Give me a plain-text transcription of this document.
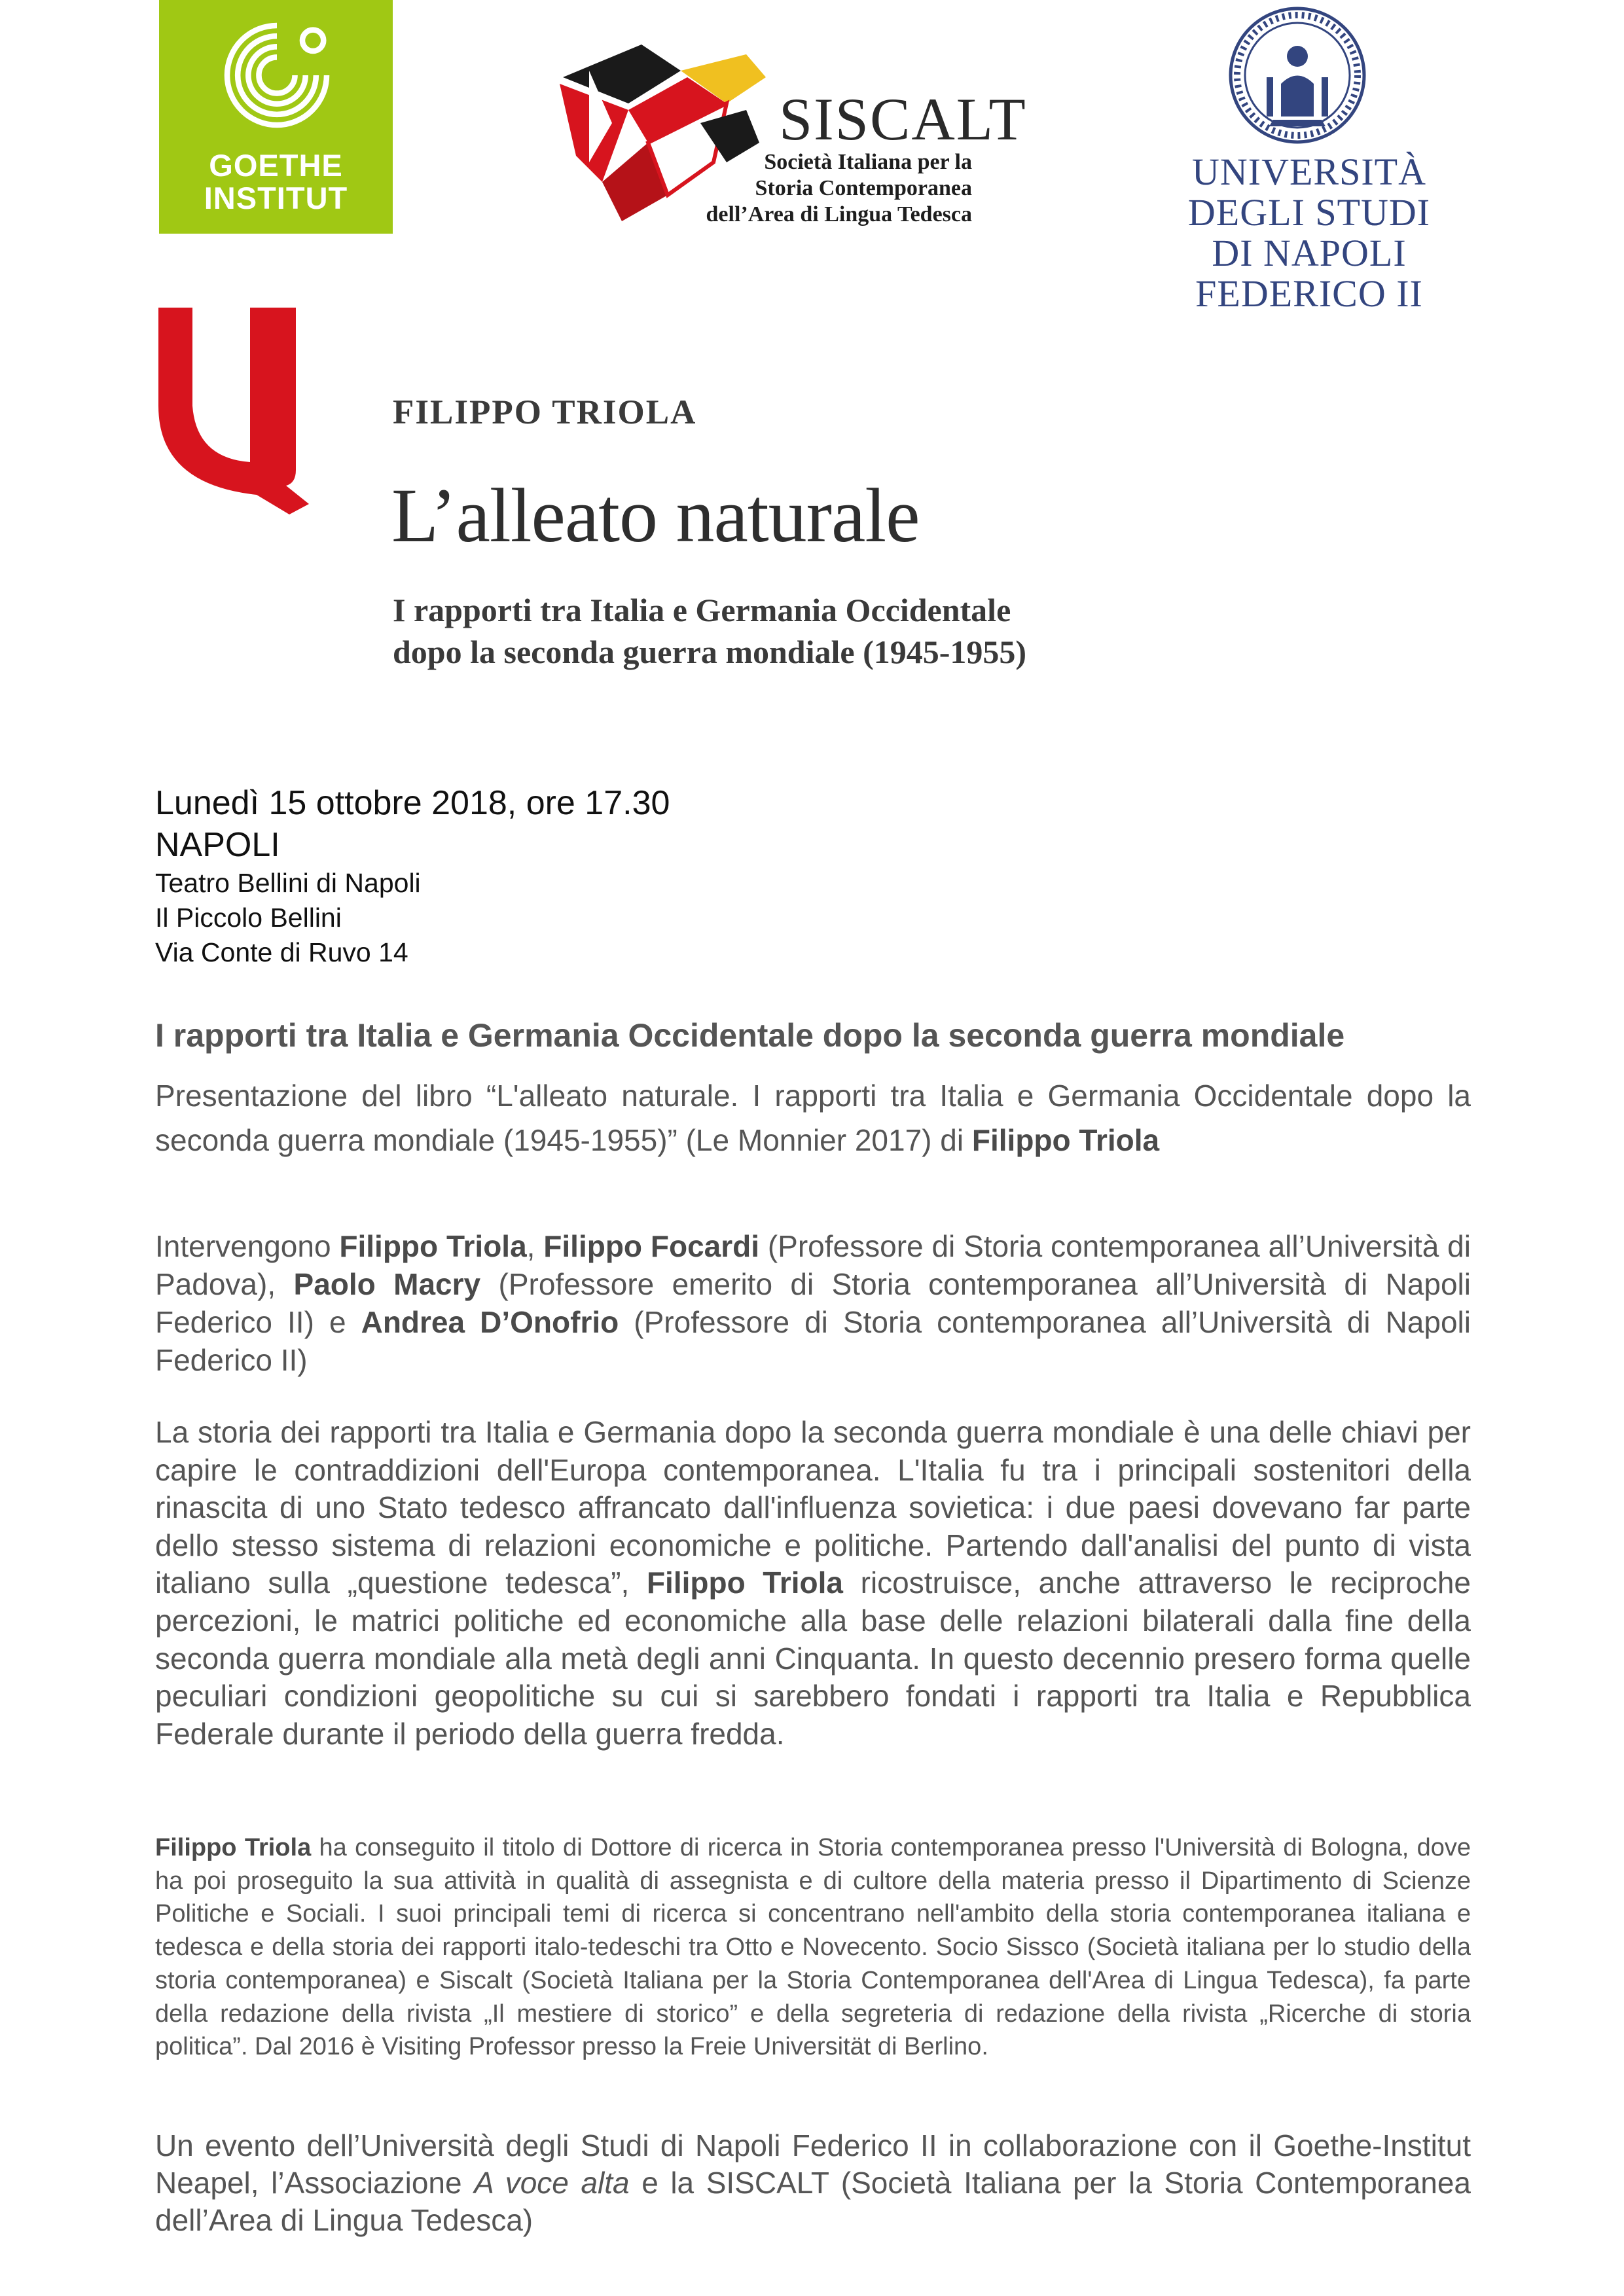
GOETHE
INSTITUT
SISCALT
Società Italiana per la
Storia Contemporanea
dell’Area di Lingua Tedesca
UNIVERSITÀ DEGLI STUDI
DI NAPOLI FEDERICO II
FILIPPO TRIOLA
L’alleato naturale
I rapporti tra Italia e Germania Occidentale
dopo la seconda guerra mondiale (1945-1955)
Lunedì 15 ottobre 2018, ore 17.30
NAPOLI
Teatro Bellini di Napoli
Il Piccolo Bellini
Via Conte di Ruvo 14
I rapporti tra Italia e Germania Occidentale dopo la seconda guerra mondiale
Presentazione del libro “L'alleato naturale. I rapporti tra Italia e Germania Occidentale dopo la seconda guerra mondiale (1945-1955)” (Le Monnier 2017) di Filippo Triola
Intervengono Filippo Triola, Filippo Focardi (Professore di Storia contemporanea all’Università di Padova), Paolo Macry (Professore emerito di Storia contemporanea all’Università di Napoli Federico II) e Andrea D’Onofrio (Professore di Storia contemporanea all’Università di Napoli Federico II)
La storia dei rapporti tra Italia e Germania dopo la seconda guerra mondiale è una delle chiavi per capire le contraddizioni dell'Europa contemporanea. L'Italia fu tra i principali sostenitori della rinascita di uno Stato tedesco affrancato dall'influenza sovietica: i due paesi dovevano far parte dello stesso sistema di relazioni economiche e politiche. Partendo dall'analisi del punto di vista italiano sulla „questione tedesca”, Filippo Triola ricostruisce, anche attraverso le reciproche percezioni, le matrici politiche ed economiche alla base delle relazioni bilaterali dalla fine della seconda guerra mondiale alla metà degli anni Cinquanta. In questo decennio presero forma quelle peculiari condizioni geopolitiche su cui si sarebbero fondati i rapporti tra Italia e Repubblica Federale durante il periodo della guerra fredda.
Filippo Triola ha conseguito il titolo di Dottore di ricerca in Storia contemporanea presso l'Università di Bologna, dove ha poi proseguito la sua attività in qualità di assegnista e di cultore della materia presso il Dipartimento di Scienze Politiche e Sociali. I suoi principali temi di ricerca si concentrano nell'ambito della storia contemporanea italiana e tedesca e della storia dei rapporti italo-tedeschi tra Otto e Novecento. Socio Sissco (Società italiana per lo studio della storia contemporanea) e Siscalt (Società Italiana per la Storia Contemporanea dell'Area di Lingua Tedesca), fa parte della redazione della rivista „Il mestiere di storico” e della segreteria di redazione della rivista „Ricerche di storia politica”. Dal 2016 è Visiting Professor presso la Freie Universität di Berlino.
Un evento dell’Università degli Studi di Napoli Federico II in collaborazione con il Goethe-Institut Neapel, l’Associazione A voce alta e la SISCALT (Società Italiana per la Storia Contemporanea dell’Area di Lingua Tedesca)
